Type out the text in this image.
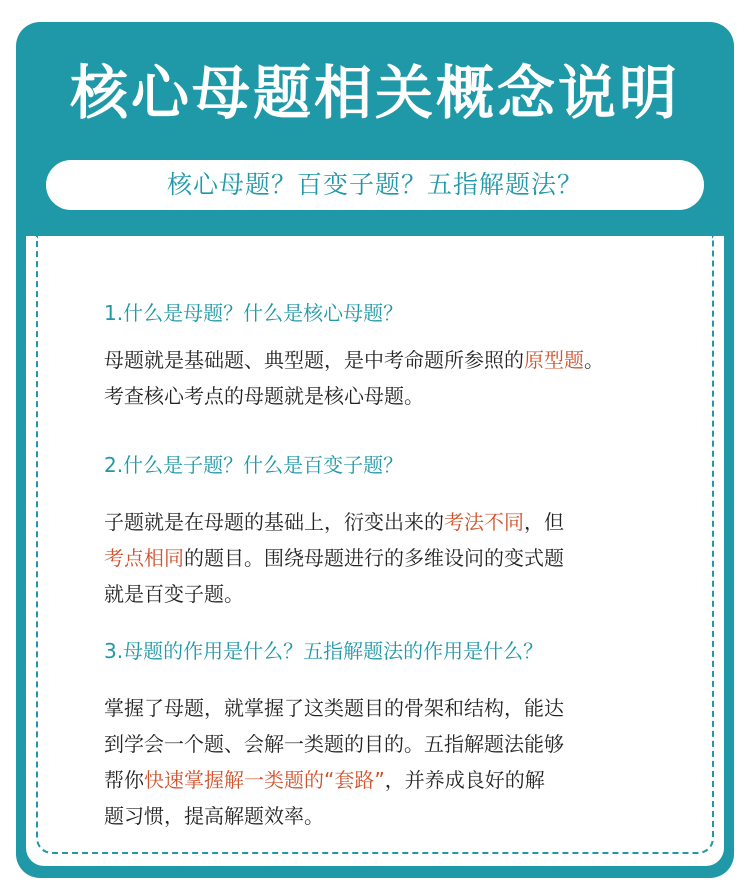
核心母题相关概念说明
核心母题？百变子题？五指解题法？

1.什么是母题？什么是核心母题？

母题就是基础题、典型题，是中考命题所参照的原型题。

考查核心考点的母题就是核心母题。

2.什么是子题？什么是百变子题？

子题就是在母题的基础上，衍变出来的考法不同，但

考点相同的题目。围绕母题进行的多维设问的变式题

就是百变子题。

3.母题的作用是什么？五指解题法的作用是什么？

掌握了母题，就掌握了这类题目的骨架和结构，能达

到学会一个题、会解一类题的目的。五指解题法能够

帮你快速掌握解一类题的“套路”，并养成良好的解

题习惯，提高解题效率。
